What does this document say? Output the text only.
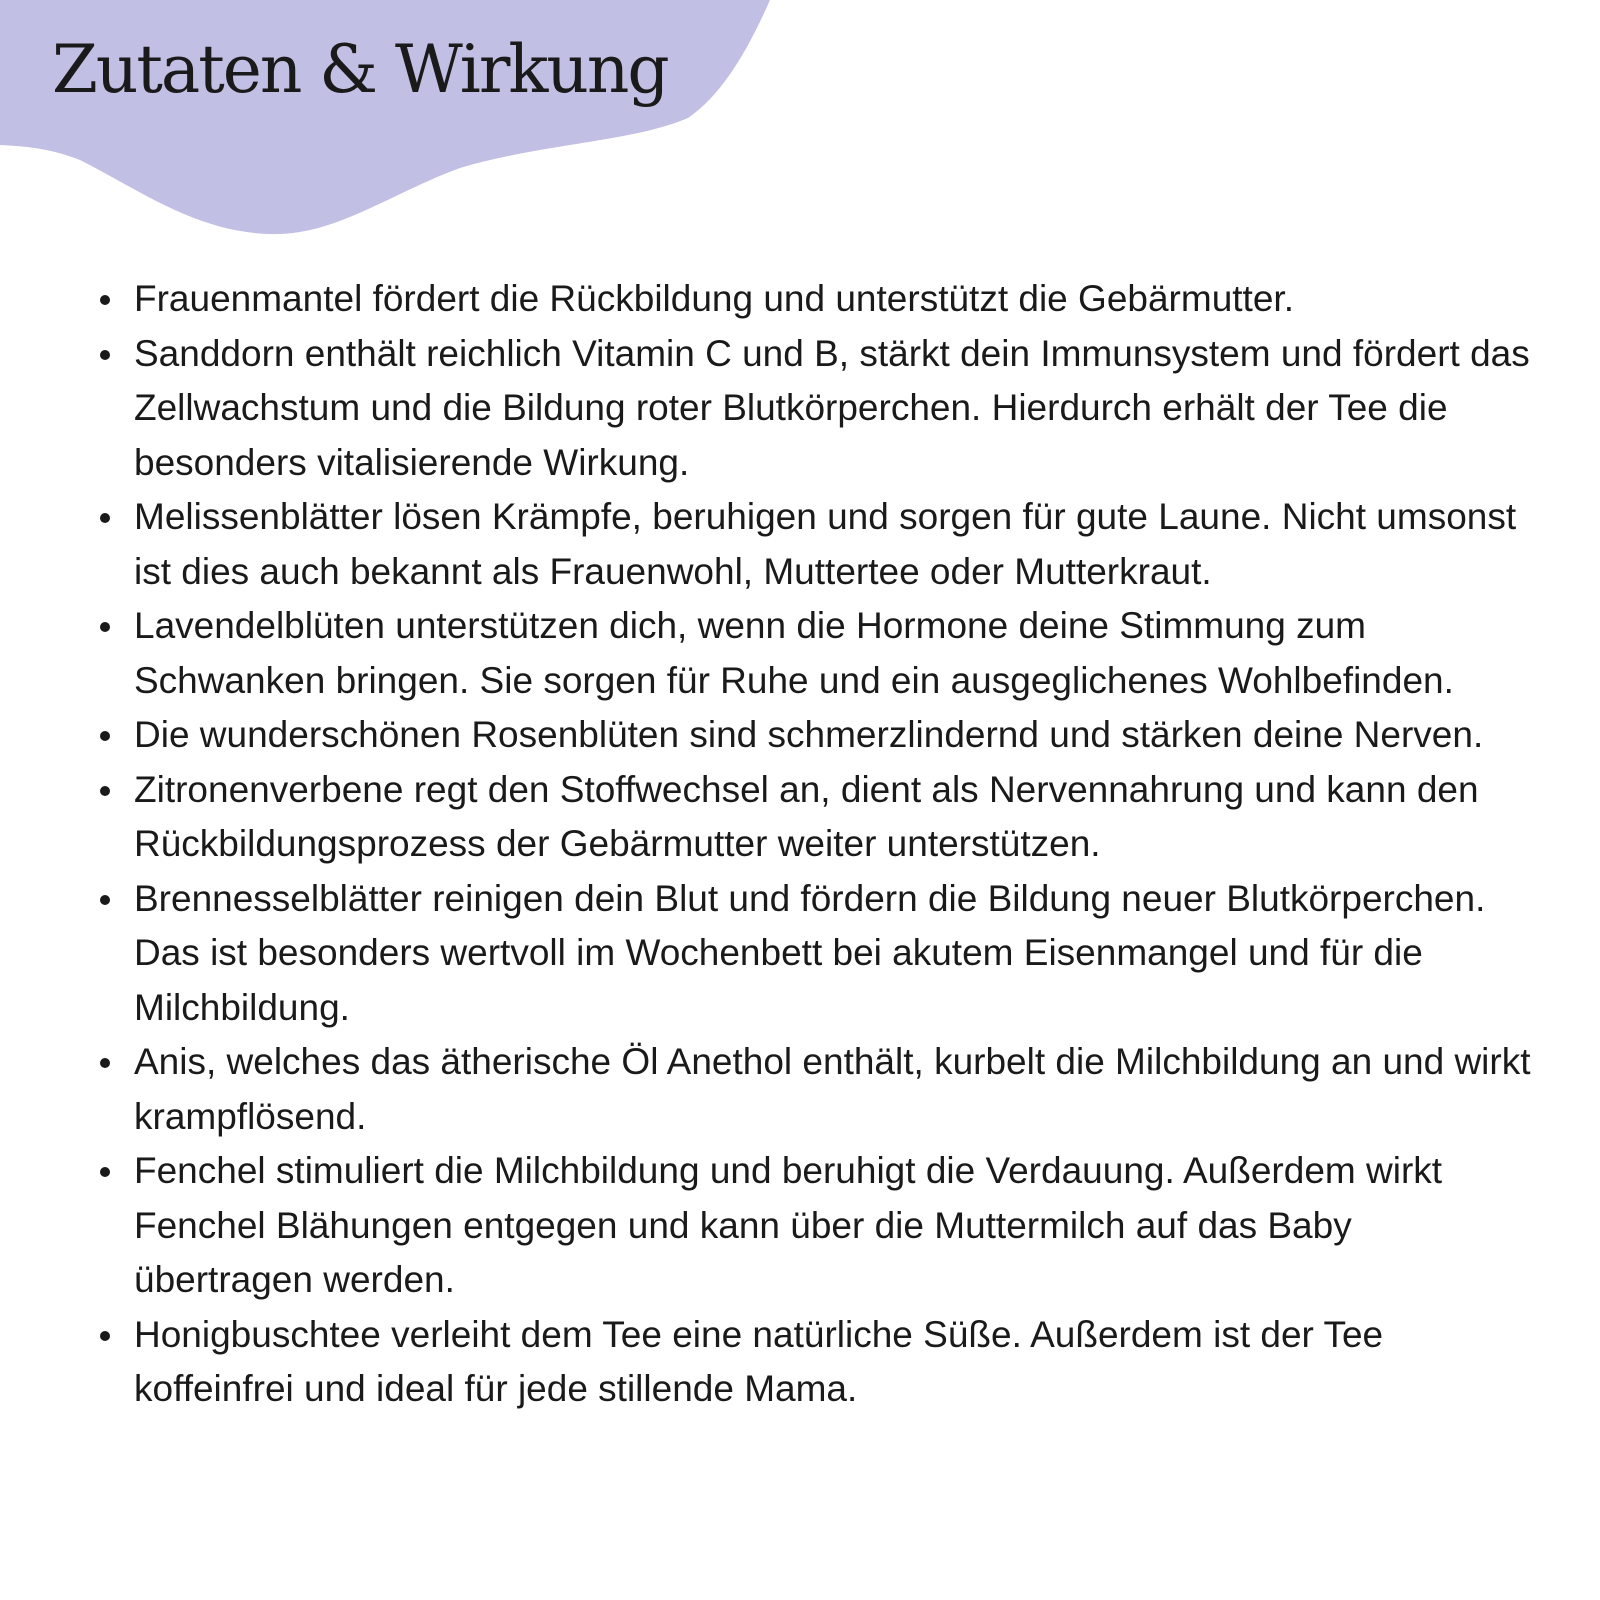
Zutaten & Wirkung
Frauenmantel fördert die Rückbildung und unterstützt die Gebärmutter.
Sanddorn enthält reichlich Vitamin C und B, stärkt dein Immunsystem und fördert das Zellwachstum und die Bildung roter Blutkörperchen. Hierdurch erhält der Tee die besonders vitalisierende Wirkung.
Melissenblätter lösen Krämpfe, beruhigen und sorgen für gute Laune. Nicht umsonst ist dies auch bekannt als Frauenwohl, Muttertee oder Mutterkraut.
Lavendelblüten unterstützen dich, wenn die Hormone deine Stimmung zum Schwanken bringen. Sie sorgen für Ruhe und ein ausgeglichenes Wohlbefinden.
Die wunderschönen Rosenblüten sind schmerzlindernd und stärken deine Nerven.
Zitronenverbene regt den Stoffwechsel an, dient als Nervennahrung und kann den Rückbildungsprozess der Gebärmutter weiter unterstützen.
Brennesselblätter reinigen dein Blut und fördern die Bildung neuer Blutkörperchen. Das ist besonders wertvoll im Wochenbett bei akutem Eisenmangel und für die Milchbildung.
Anis, welches das ätherische Öl Anethol enthält, kurbelt die Milchbildung an und wirkt krampflösend.
Fenchel stimuliert die Milchbildung und beruhigt die Verdauung. Außerdem wirkt Fenchel Blähungen entgegen und kann über die Muttermilch auf das Baby übertragen werden.
Honigbuschtee verleiht dem Tee eine natürliche Süße. Außerdem ist der Tee koffeinfrei und ideal für jede stillende Mama.
